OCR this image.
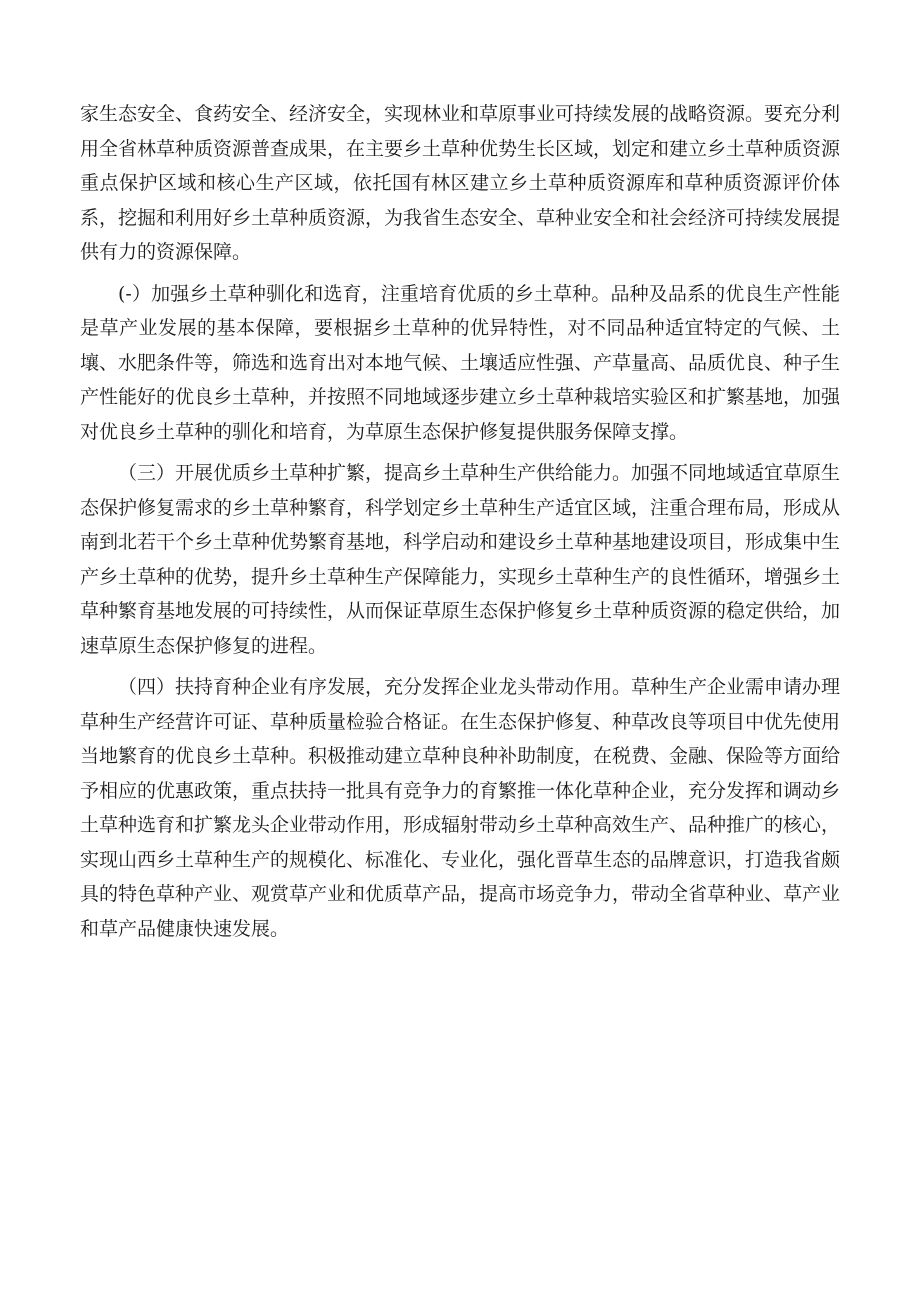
家生态安全、食药安全、经济安全，实现林业和草原事业可持续发展的战略资源。要充分利用全省林草种质资源普查成果，在主要乡土草种优势生长区域，划定和建立乡土草种质资源重点保护区域和核心生产区域，依托国有林区建立乡土草种质资源库和草种质资源评价体系，挖掘和利用好乡土草种质资源，为我省生态安全、草种业安全和社会经济可持续发展提供有力的资源保障。

(-）加强乡土草种驯化和选育，注重培育优质的乡土草种。品种及品系的优良生产性能是草产业发展的基本保障，要根据乡土草种的优异特性，对不同品种适宜特定的气候、土壤、水肥条件等，筛选和选育出对本地气候、土壤适应性强、产草量高、品质优良、种子生产性能好的优良乡土草种，并按照不同地域逐步建立乡土草种栽培实验区和扩繁基地，加强对优良乡土草种的驯化和培育，为草原生态保护修复提供服务保障支撑。

（三）开展优质乡土草种扩繁，提高乡土草种生产供给能力。加强不同地域适宜草原生态保护修复需求的乡土草种繁育，科学划定乡土草种生产适宜区域，注重合理布局，形成从南到北若干个乡土草种优势繁育基地，科学启动和建设乡土草种基地建设项目，形成集中生产乡土草种的优势，提升乡土草种生产保障能力，实现乡土草种生产的良性循环，增强乡土草种繁育基地发展的可持续性，从而保证草原生态保护修复乡土草种质资源的稳定供给，加速草原生态保护修复的进程。

（四）扶持育种企业有序发展，充分发挥企业龙头带动作用。草种生产企业需申请办理草种生产经营许可证、草种质量检验合格证。在生态保护修复、种草改良等项目中优先使用当地繁育的优良乡土草种。积极推动建立草种良种补助制度，在税费、金融、保险等方面给予相应的优惠政策，重点扶持一批具有竞争力的育繁推一体化草种企业，充分发挥和调动乡土草种选育和扩繁龙头企业带动作用，形成辐射带动乡土草种高效生产、品种推广的核心，实现山西乡土草种生产的规模化、标准化、专业化，强化晋草生态的品牌意识，打造我省颇具的特色草种产业、观赏草产业和优质草产品，提高市场竞争力，带动全省草种业、草产业和草产品健康快速发展。
